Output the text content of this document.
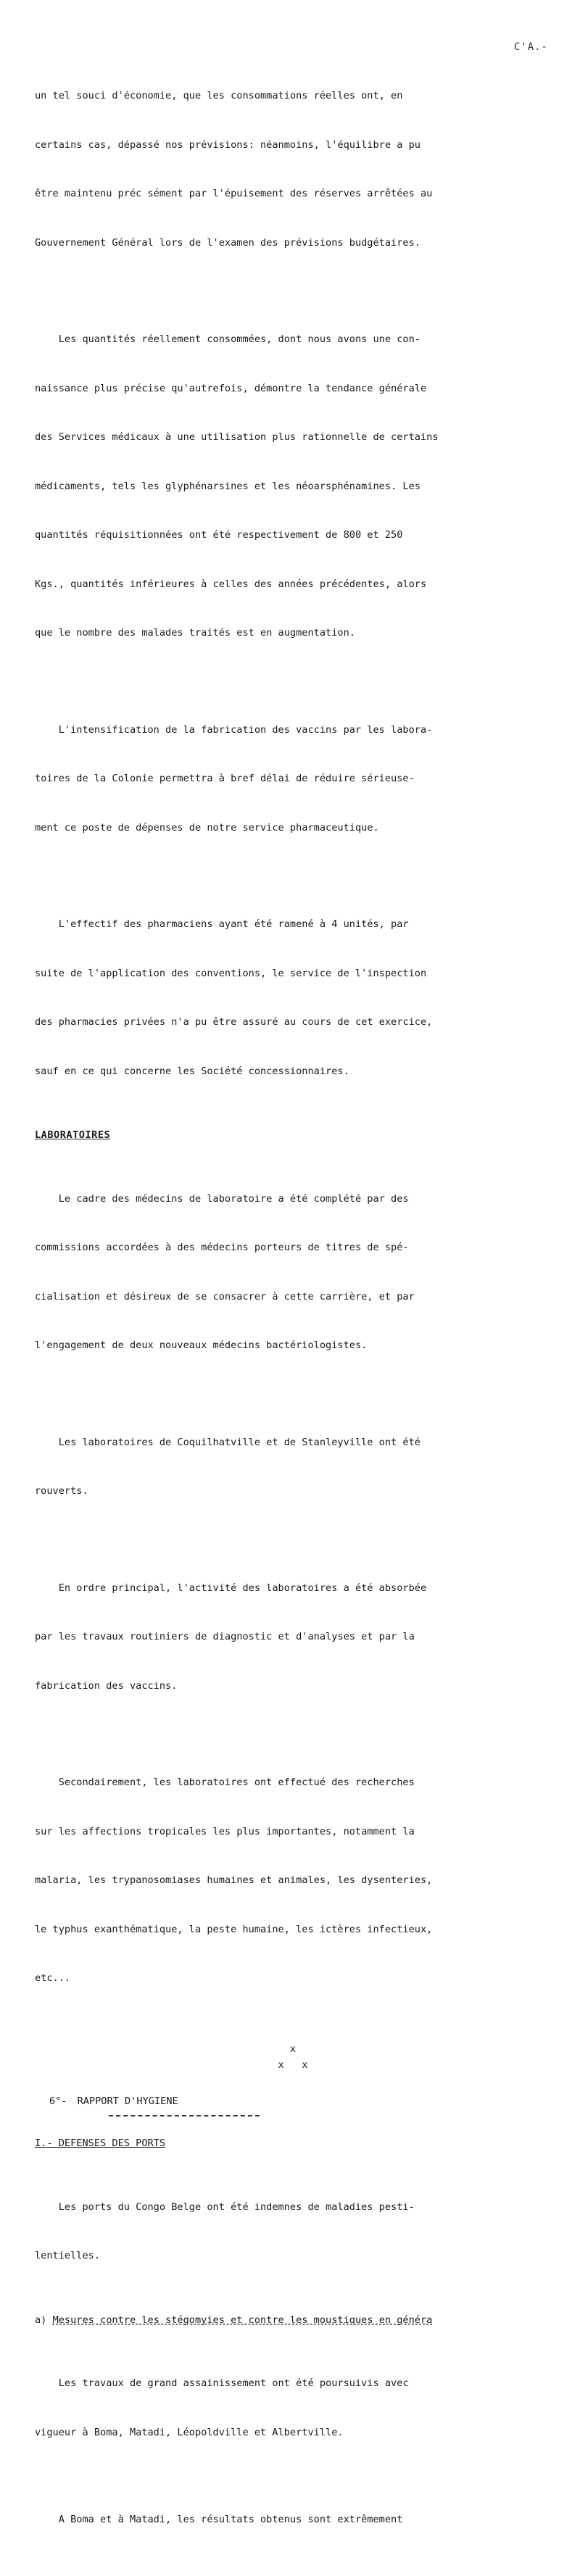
C'A.-

un tel souci d'économie, que les consommations réelles ont, en

certains cas, dépassé nos prévisions: néanmoins, l'équilibre a pu

être maintenu préc sément par l'épuisement des réserves arrêtées au

Gouvernement Général lors de l'examen des prévisions budgétaires.

Les quantités réellement consommées, dont nous avons une con-

naissance plus précise qu'autrefois, démontre la tendance générale

des Services médicaux à une utilisation plus rationnelle de certains

médicaments, tels les glyphénarsines et les néoarsphénamines. Les

quantités réquisitionnées ont été respectivement de 800 et 250

Kgs., quantités inférieures à celles des années précédentes, alors

que le nombre des malades traités est en augmentation.

L'intensification de la fabrication des vaccins par les labora-

toires de la Colonie permettra à bref délai de réduire sérieuse-

ment ce poste de dépenses de notre service pharmaceutique.

L'effectif des pharmaciens ayant été ramené à 4 unités, par

suite de l'application des conventions, le service de l'inspection

des pharmacies privées n'a pu être assuré au cours de cet exercice,

sauf en ce qui concerne les Société concessionnaires.

LABORATOIRES

Le cadre des médecins de laboratoire a été complété par des

commissions accordées à des médecins porteurs de titres de spé-

cialisation et désireux de se consacrer à cette carrière, et par

l'engagement de deux nouveaux médecins bactériologistes.

Les laboratoires de Coquilhatville et de Stanleyville ont été

rouverts.

En ordre principal, l'activité des laboratoires a été absorbée

par les travaux routiniers de diagnostic et d'analyses et par la

fabrication des vaccins.

Secondairement, les laboratoires ont effectué des recherches

sur les affections tropicales les plus importantes, notamment la

malaria, les trypanosomiases humaines et animales, les dysenteries,

le typhus exanthématique, la peste humaine, les ictères infectieux,

etc...

x
x   x
6°- RAPPORT D'HYGIENE
I.- DEFENSES DES PORTS

Les ports du Congo Belge ont été indemnes de maladies pesti-

lentielles.

a) Mesures contre les stégomyies et contre les moustiques en généra

Les travaux de grand assainissement ont été poursuivis avec

vigueur à Boma, Matadi, Léopoldville et Albertville.

A Boma et à Matadi, les résultats obtenus sont extrêmement
